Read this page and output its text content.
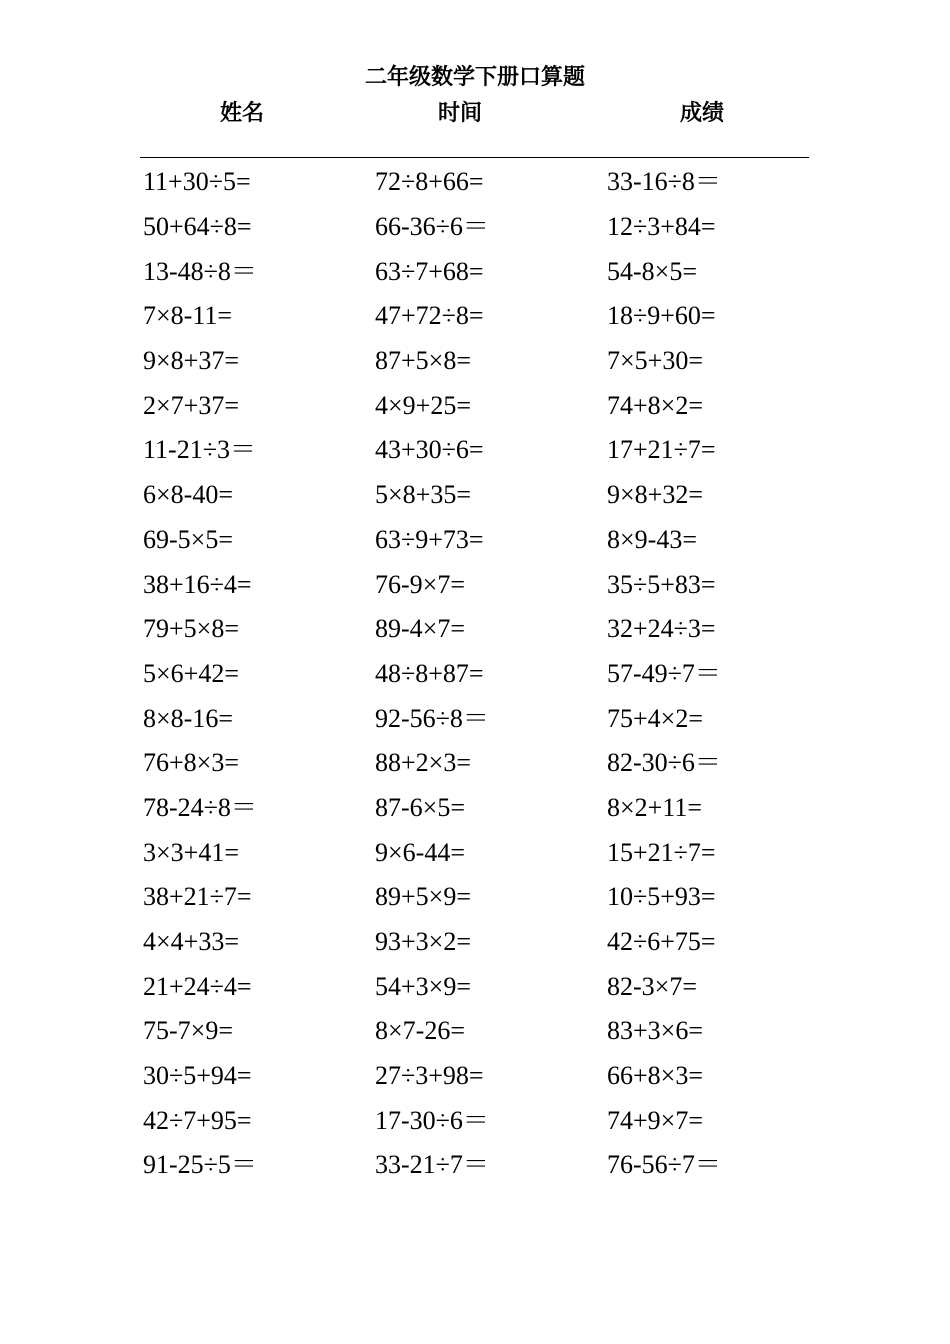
二年级数学下册口算题
姓名	时间	成绩
11+30÷5=	72÷8+66=	33-16÷8＝
50+64÷8=	66-36÷6＝	12÷3+84=
13-48÷8＝	63÷7+68=	54-8×5=
7×8-11=	47+72÷8=	18÷9+60=
9×8+37=	87+5×8=	7×5+30=
2×7+37=	4×9+25=	74+8×2=
11-21÷3＝	43+30÷6=	17+21÷7=
6×8-40=	5×8+35=	9×8+32=
69-5×5=	63÷9+73=	8×9-43=
38+16÷4=	76-9×7=	35÷5+83=
79+5×8=	89-4×7=	32+24÷3=
5×6+42=	48÷8+87=	57-49÷7＝
8×8-16=	92-56÷8＝	75+4×2=
76+8×3=	88+2×3=	82-30÷6＝
78-24÷8＝	87-6×5=	8×2+11=
3×3+41=	9×6-44=	15+21÷7=
38+21÷7=	89+5×9=	10÷5+93=
4×4+33=	93+3×2=	42÷6+75=
21+24÷4=	54+3×9=	82-3×7=
75-7×9=	8×7-26=	83+3×6=
30÷5+94=	27÷3+98=	66+8×3=
42÷7+95=	17-30÷6＝	74+9×7=
91-25÷5＝	33-21÷7＝	76-56÷7＝
